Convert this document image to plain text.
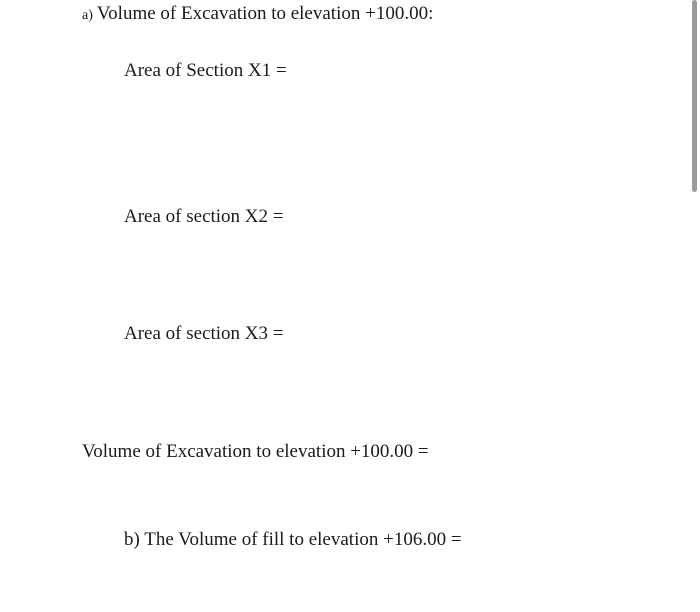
a) Volume of Excavation to elevation +100.00:
Area of Section X1 =
Area of section X2 =
Area of section X3 =
Volume of Excavation to elevation +100.00 =
b) The Volume of fill to elevation +106.00 =
